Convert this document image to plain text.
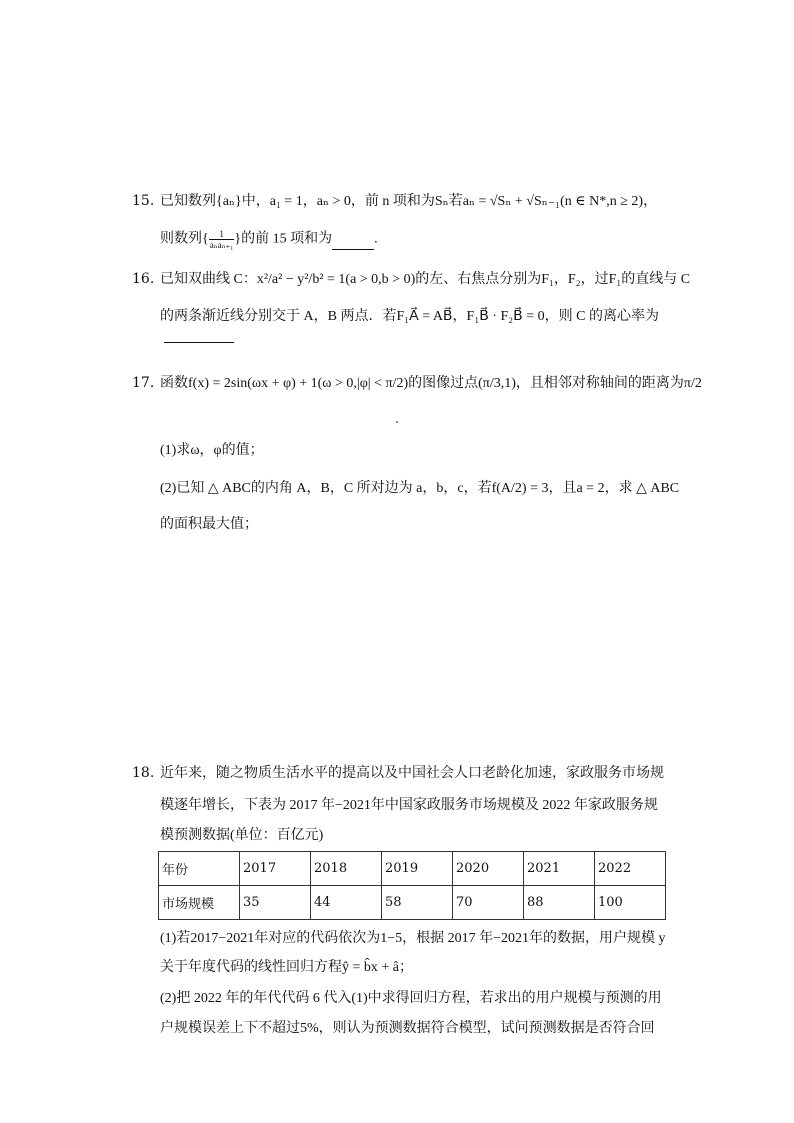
15. 已知数列{aₙ}中，a₁ = 1，aₙ > 0，前 n 项和为Sₙ若aₙ = √Sₙ + √Sₙ₋₁(n ∈ N*,n ≥ 2)，
则数列{ $\frac{1}{\text{aₙaₙ₊₁}}$ }的前 15 项和为	.
16. 已知双曲线 C：x²/a² − y²/b² = 1(a > 0,b > 0)的左、右焦点分别为F₁，F₂，过F₁的直线与 C
的两条渐近线分别交于 A，B 两点．若F₁A⃗ = AB⃗，F₁B⃗ · F₂B⃗ = 0，则 C 的离心率为
17. 函数f(x) = 2sin(ωx + φ) + 1(ω > 0,|φ| < π/2)的图像过点(π/3,1)，且相邻对称轴间的距离为π/2
(1)求ω，φ的值；
(2)已知 △ ABC的内角 A，B，C 所对边为 a，b，c，若f(A/2) = 3，且a = 2，求 △ ABC
的面积最大值；
18. 近年来，随之物质生活水平的提高以及中国社会人口老龄化加速，家政服务市场规
模逐年增长，下表为 2017 年−2021年中国家政服务市场规模及 2022 年家政服务规
模预测数据(单位：百亿元)
年份	2017	2018	2019	2020	2021	2022
市场规模	35	44	58	70	88	100
(1)若2017−2021年对应的代码依次为1−5，根据 2017 年−2021年的数据，用户规模 y
关于年度代码的线性回归方程ŷ = b̂x + â；
(2)把 2022 年的年代代码 6 代入(1)中求得回归方程，若求出的用户规模与预测的用
户规模误差上下不超过5%，则认为预测数据符合模型，试问预测数据是否符合回
